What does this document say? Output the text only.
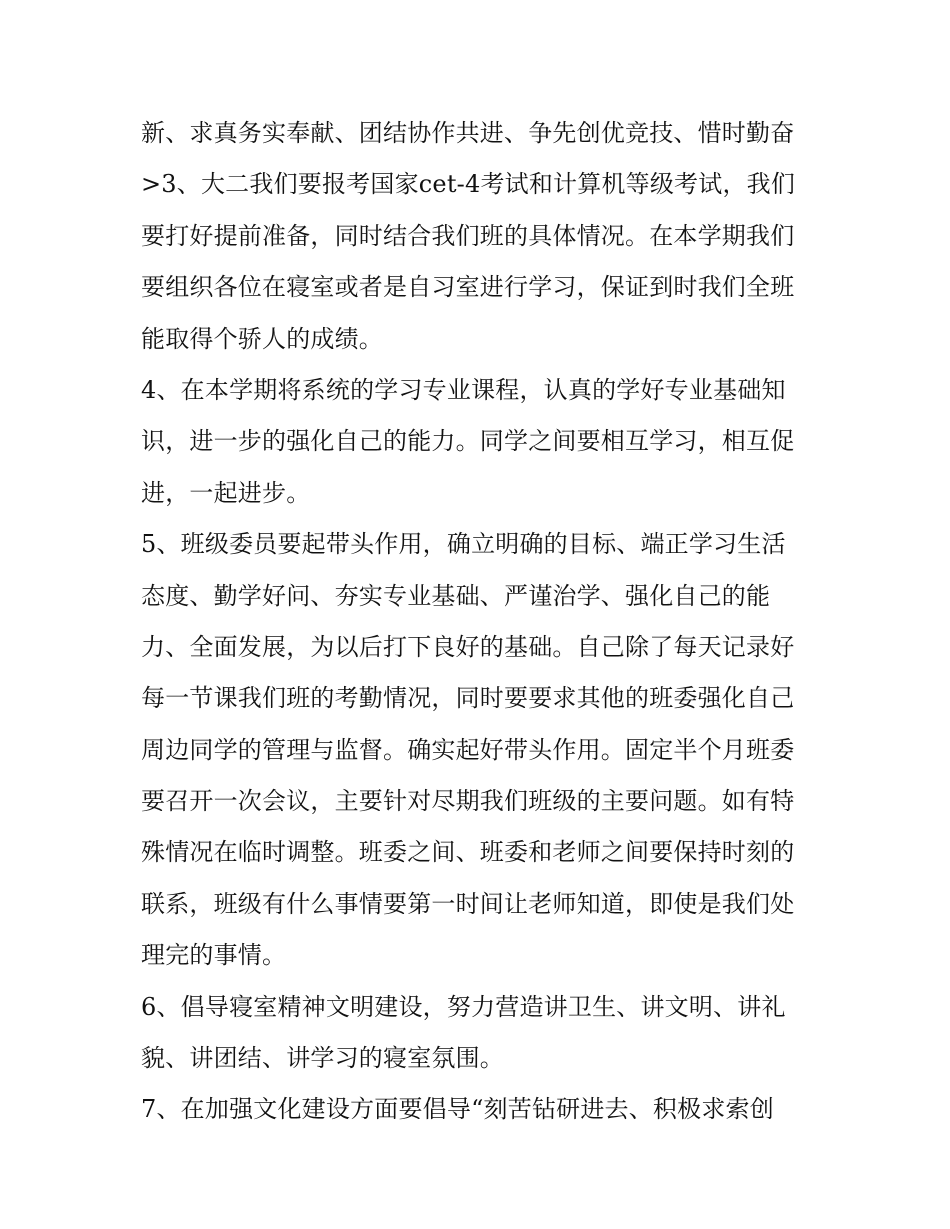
新、求真务实奉献、团结协作共进、争先创优竞技、惜时勤奋
>3、大二我们要报考国家cet-4考试和计算机等级考试，我们
要打好提前准备，同时结合我们班的具体情况。在本学期我们
要组织各位在寝室或者是自习室进行学习，保证到时我们全班
能取得个骄人的成绩。
4、在本学期将系统的学习专业课程，认真的学好专业基础知
识，进一步的强化自己的能力。同学之间要相互学习，相互促
进，一起进步。
5、班级委员要起带头作用，确立明确的目标、端正学习生活
态度、勤学好问、夯实专业基础、严谨治学、强化自己的能
力、全面发展，为以后打下良好的基础。自己除了每天记录好
每一节课我们班的考勤情况，同时要要求其他的班委强化自己
周边同学的管理与监督。确实起好带头作用。固定半个月班委
要召开一次会议，主要针对尽期我们班级的主要问题。如有特
殊情况在临时调整。班委之间、班委和老师之间要保持时刻的
联系，班级有什么事情要第一时间让老师知道，即使是我们处
理完的事情。
6、倡导寝室精神文明建设，努力营造讲卫生、讲文明、讲礼
貌、讲团结、讲学习的寝室氛围。
7、在加强文化建设方面要倡导“刻苦钻研进去、积极求索创
